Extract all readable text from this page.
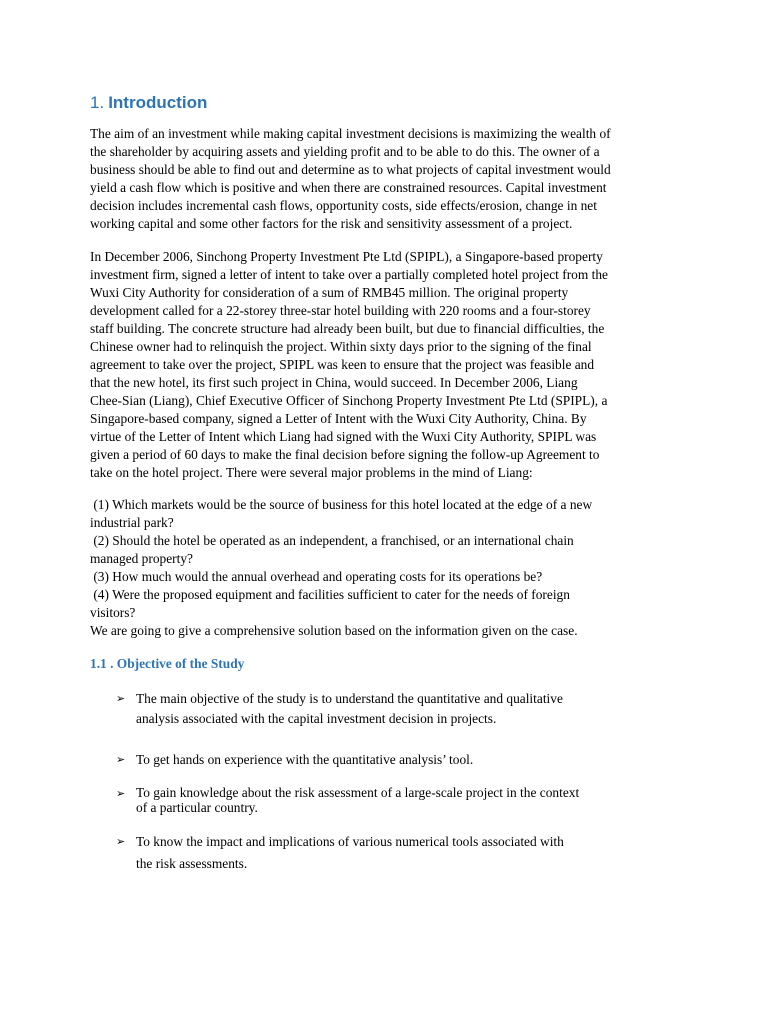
1. Introduction

The aim of an investment while making capital investment decisions is maximizing the wealth of
the shareholder by acquiring assets and yielding profit and to be able to do this. The owner of a
business should be able to find out and determine as to what projects of capital investment would
yield a cash flow which is positive and when there are constrained resources. Capital investment
decision includes incremental cash flows, opportunity costs, side effects/erosion, change in net
working capital and some other factors for the risk and sensitivity assessment of a project.

In December 2006, Sinchong Property Investment Pte Ltd (SPIPL), a Singapore-based property
investment firm, signed a letter of intent to take over a partially completed hotel project from the
Wuxi City Authority for consideration of a sum of RMB45 million. The original property
development called for a 22-storey three-star hotel building with 220 rooms and a four-storey
staff building. The concrete structure had already been built, but due to financial difficulties, the
Chinese owner had to relinquish the project. Within sixty days prior to the signing of the final
agreement to take over the project, SPIPL was keen to ensure that the project was feasible and
that the new hotel, its first such project in China, would succeed. In December 2006, Liang
Chee-Sian (Liang), Chief Executive Officer of Sinchong Property Investment Pte Ltd (SPIPL), a
Singapore-based company, signed a Letter of Intent with the Wuxi City Authority, China. By
virtue of the Letter of Intent which Liang had signed with the Wuxi City Authority, SPIPL was
given a period of 60 days to make the final decision before signing the follow-up Agreement to
take on the hotel project. There were several major problems in the mind of Liang:

(1) Which markets would be the source of business for this hotel located at the edge of a new
industrial park?
(2) Should the hotel be operated as an independent, a franchised, or an international chain
managed property?
(3) How much would the annual overhead and operating costs for its operations be?
(4) Were the proposed equipment and facilities sufficient to cater for the needs of foreign
visitors?
We are going to give a comprehensive solution based on the information given on the case.

1.1 . Objective of the Study
➢ The main objective of the study is to understand the quantitative and qualitative
analysis associated with the capital investment decision in projects.
➢ To get hands on experience with the quantitative analysis’ tool.
➢ To gain knowledge about the risk assessment of a large-scale project in the context
of a particular country.
➢ To know the impact and implications of various numerical tools associated with
the risk assessments.
